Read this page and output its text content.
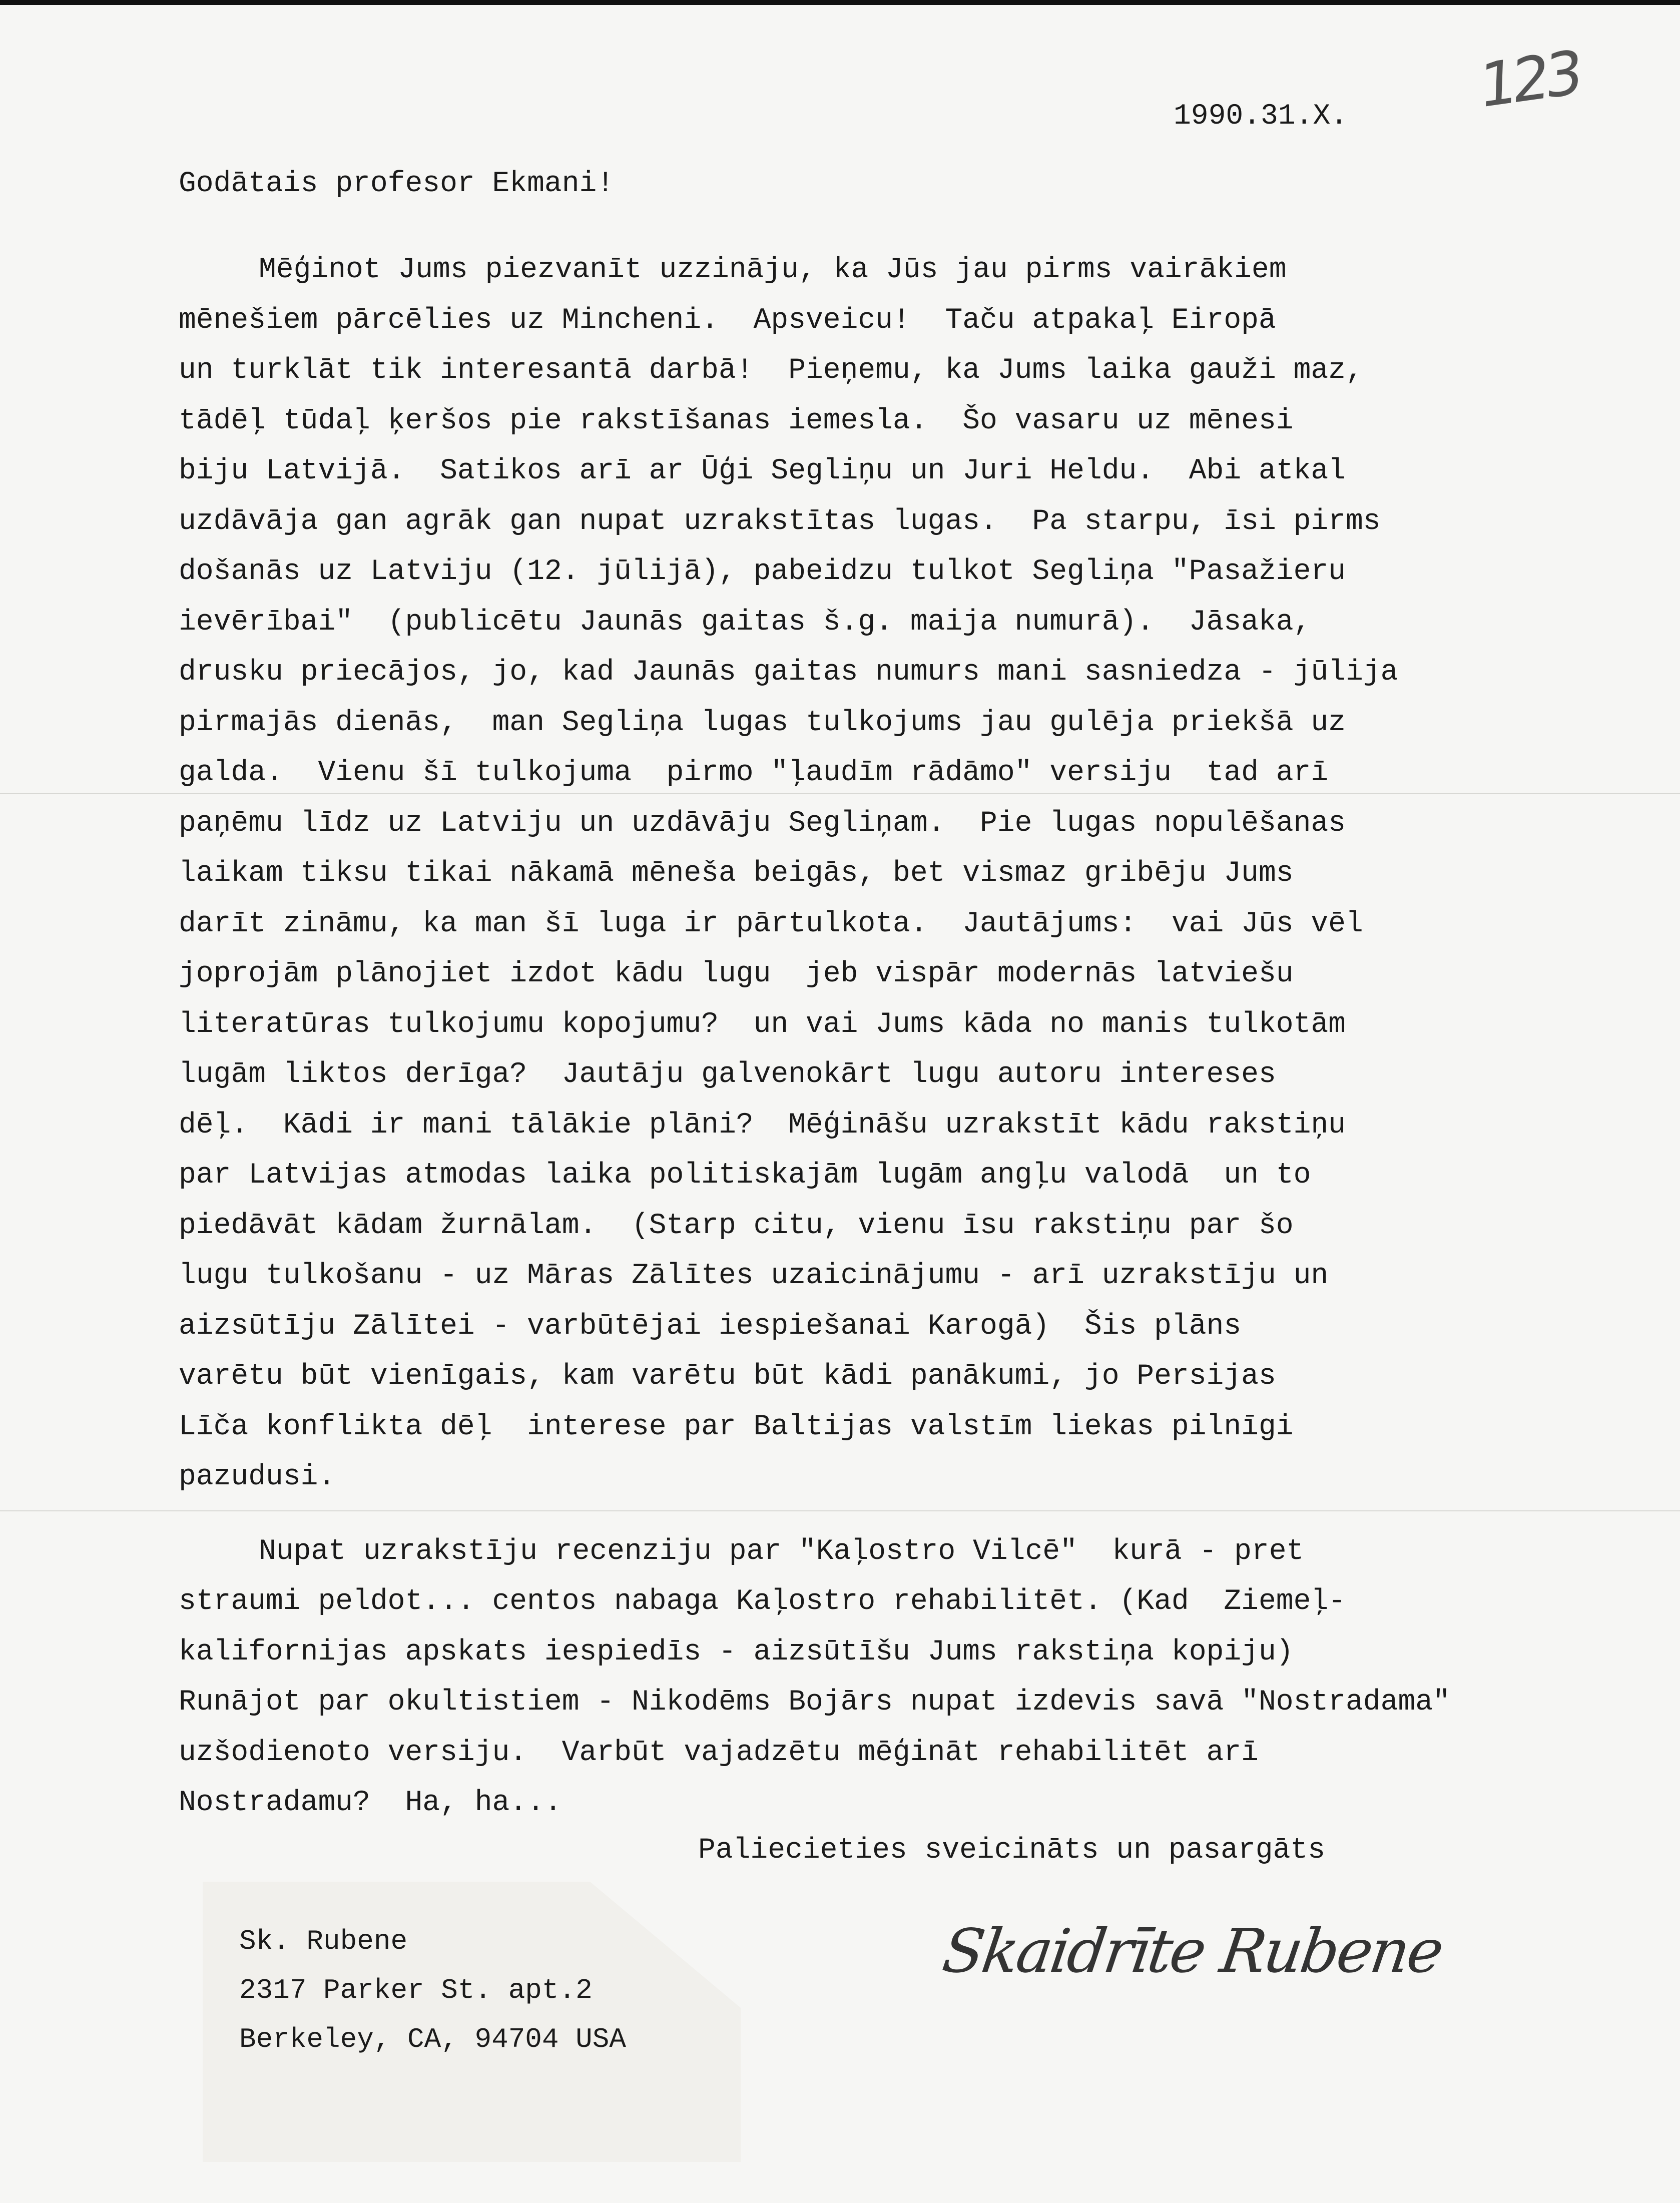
123
1990.31.X.
Godātais profesor Ekmani!
Mēģinot Jums piezvanīt uzzināju, ka Jūs jau pirms vairākiem
mēnešiem pārcēlies uz Mincheni.  Apsveicu!  Taču atpakaļ Eiropā
un turklāt tik interesantā darbā!  Pieņemu, ka Jums laika gauži maz,
tādēļ tūdaļ ķeršos pie rakstīšanas iemesla.  Šo vasaru uz mēnesi
biju Latvijā.  Satikos arī ar Ūģi Segliņu un Juri Heldu.  Abi atkal
uzdāvāja gan agrāk gan nupat uzrakstītas lugas.  Pa starpu, īsi pirms
došanās uz Latviju (12. jūlijā), pabeidzu tulkot Segliņa "Pasažieru
ievērībai"  (publicētu Jaunās gaitas š.g. maija numurā).  Jāsaka,
drusku priecājos, jo, kad Jaunās gaitas numurs mani sasniedza - jūlija
pirmajās dienās,  man Segliņa lugas tulkojums jau gulēja priekšā uz
galda.  Vienu šī tulkojuma  pirmo "ļaudīm rādāmo" versiju  tad arī
paņēmu līdz uz Latviju un uzdāvāju Segliņam.  Pie lugas nopulēšanas
laikam tiksu tikai nākamā mēneša beigās, bet vismaz gribēju Jums
darīt zināmu, ka man šī luga ir pārtulkota.  Jautājums:  vai Jūs vēl
joprojām plānojiet izdot kādu lugu  jeb vispār modernās latviešu
literatūras tulkojumu kopojumu?  un vai Jums kāda no manis tulkotām
lugām liktos derīga?  Jautāju galvenokārt lugu autoru intereses
dēļ.  Kādi ir mani tālākie plāni?  Mēģināšu uzrakstīt kādu rakstiņu
par Latvijas atmodas laika politiskajām lugām angļu valodā  un to
piedāvāt kādam žurnālam.  (Starp citu, vienu īsu rakstiņu par šo
lugu tulkošanu - uz Māras Zālītes uzaicinājumu - arī uzrakstīju un
aizsūtīju Zālītei - varbūtējai iespiešanai Karogā)  Šis plāns
varētu būt vienīgais, kam varētu būt kādi panākumi, jo Persijas
Līča konflikta dēļ  interese par Baltijas valstīm liekas pilnīgi
pazudusi.
Nupat uzrakstīju recenziju par "Kaļostro Vilcē"  kurā - pret
straumi peldot... centos nabaga Kaļostro rehabilitēt. (Kad  Ziemeļ-
kalifornijas apskats iespiedīs - aizsūtīšu Jums rakstiņa kopiju)
Runājot par okultistiem - Nikodēms Bojārs nupat izdevis savā "Nostradama"
uzšodienoto versiju.  Varbūt vajadzētu mēģināt rehabilitēt arī
Nostradamu?  Ha, ha...
Paliecieties sveicināts un pasargāts
Sk. Rubene
2317 Parker St. apt.2
Berkeley, CA, 94704 USA
Skaidrīte Rubene
